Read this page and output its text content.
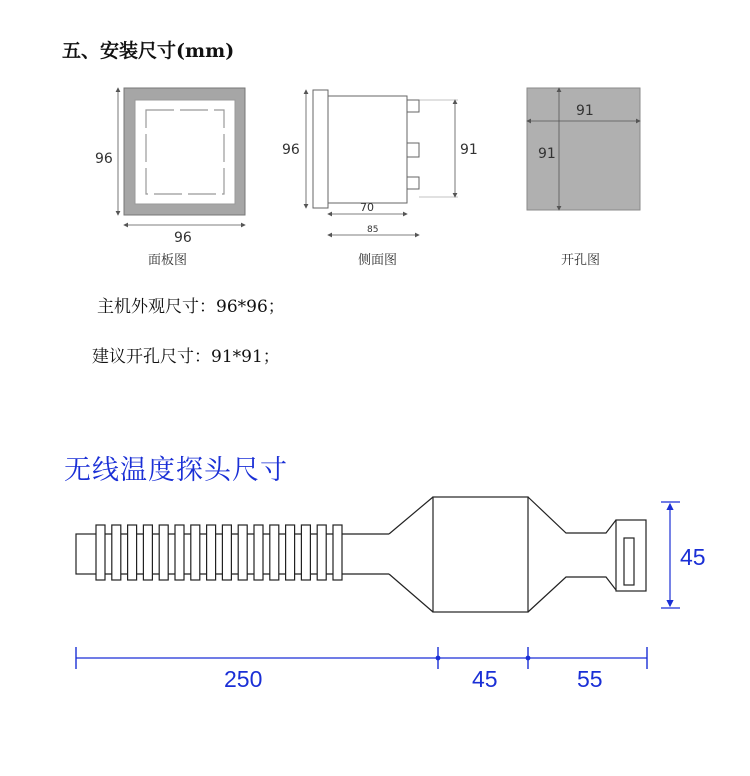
五、安装尺寸(mm)
96
96
面板图
96	91
70
85
侧面图
91
91
开孔图
45
250	45	55
主机外观尺寸：96*96；
建议开孔尺寸：91*91；
无线温度探头尺寸
